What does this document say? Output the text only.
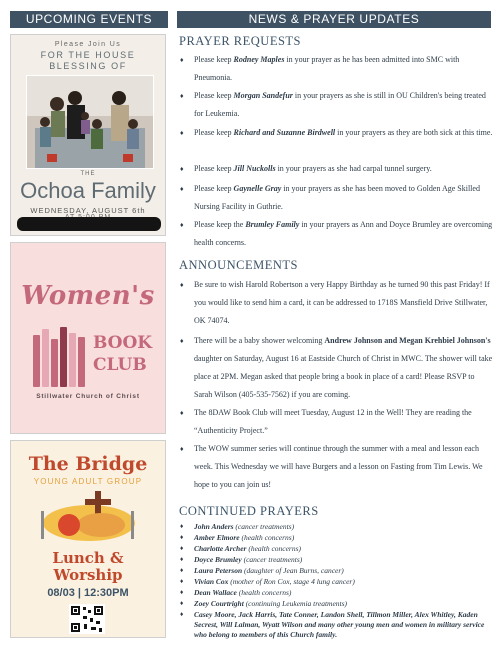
UPCOMING EVENTS	NEWS & PRAYER UPDATES
Please Join Us
FOR THE HOUSE
BLESSING OF
THE
Ochoa Family
WEDNESDAY, AUGUST 6th
Women's
BOOK
CLUB
Stillwater Church of Christ
The Bridge
YOUNG ADULT GROUP
Lunch &
Worship
08/03 | 12:30PM
PRAYER REQUESTS
♦ Please keep Rodney Maples in your prayer as he has been admitted into SMC with Pneumonia.
♦ Please keep Morgan Sandefur in your prayers as she is still in OU Children's being treated for Leukemia.
♦ Please keep Richard and Suzanne Birdwell in your prayers as they are both sick at this time.
♦ Please keep Jill Nuckolls in your prayers as she had carpal tunnel surgery.
♦ Please keep Gaynelle Gray in your prayers as she has been moved to Golden Age Skilled Nursing Facility in Guthrie.
♦ Please keep the Brumley Family in your prayers as Ann and Doyce Brumley are overcoming health concerns.
ANNOUNCEMENTS
♦ Be sure to wish Harold Robertson a very Happy Birthday as he turned 90 this past Friday! If you would like to send him a card, it can be addressed to 1718S Mansfield Drive Stillwater, OK 74074.
♦ There will be a baby shower welcoming Andrew Johnson and Megan Krehbiel Johnson's daughter on Saturday, August 16 at Eastside Church of Christ in MWC. The shower will take place at 2PM. Megan asked that people bring a book in place of a card! Please RSVP to Sarah Wilson (405-535-7562) if you are coming.
♦ The 8DAW Book Club will meet Tuesday, August 12 in the Well! They are reading the “Authenticity Project.”
♦ The WOW summer series will continue through the summer with a meal and lesson each week. This Wednesday we will have Burgers and a lesson on Fasting from Tim Lewis. We hope to you can join us!
CONTINUED PRAYERS
♦ John Anders (cancer treatments)
♦ Amber Elmore (health concerns)
♦ Charlotte Archer (health concerns)
♦ Doyce Brumley (cancer treatments)
♦ Laura Peterson (daughter of Jean Burns, cancer)
♦ Vivian Cox (mother of Ron Cox, stage 4 lung cancer)
♦ Dean Wallace (health concerns)
♦ Zoey Courtright (continuing Leukemia treatments)
♦ Casey Moore, Jack Harris, Tate Conner, Landon Shell, Tillmon Miller, Alex Whitley, Kaden Secrest, Will Lalman, Wyatt Wilson and many other young men and women in military service who belong to members of this Church family.
